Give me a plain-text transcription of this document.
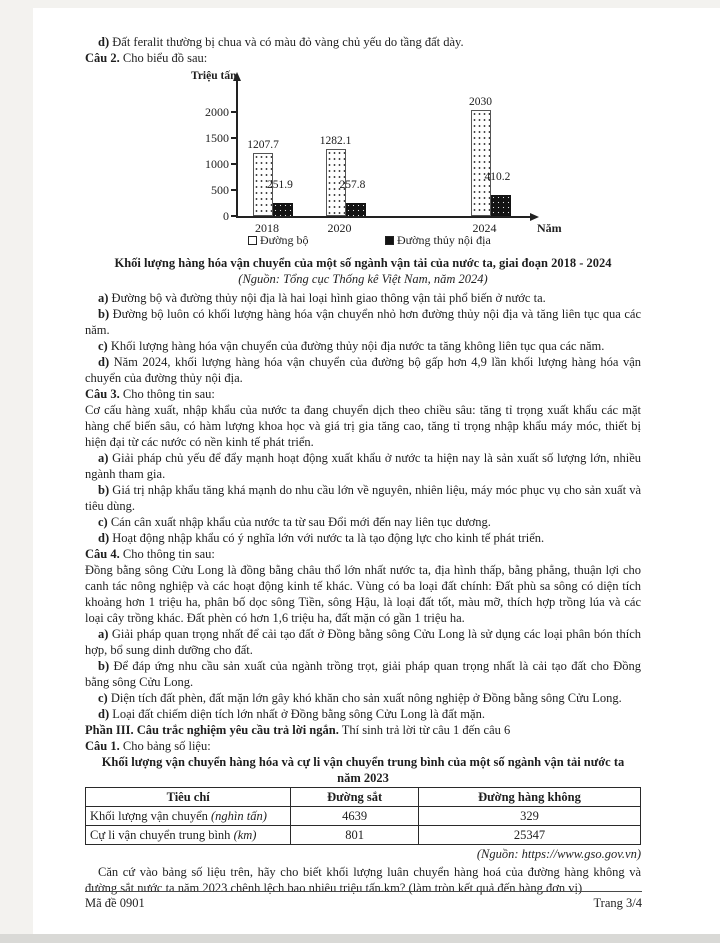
d) Đất feralit thường bị chua và có màu đỏ vàng chủ yếu do tầng đất dày.

Câu 2. Cho biểu đồ sau:

Triệu tấn
Năm
0
500
1000
1500
2000
1207.7
251.9
2018
1282.1
257.8
2020
2030
410.2
2024
Đường bộ	Đường thủy nội địa

Khối lượng hàng hóa vận chuyển của một số ngành vận tải của nước ta, giai đoạn 2018 - 2024

(Nguồn: Tổng cục Thống kê Việt Nam, năm 2024)

a) Đường bộ và đường thủy nội địa là hai loại hình giao thông vận tải phổ biến ở nước ta.

b) Đường bộ luôn có khối lượng hàng hóa vận chuyển nhỏ hơn đường thủy nội địa và tăng liên tục qua các năm.

c) Khối lượng hàng hóa vận chuyển của đường thủy nội địa nước ta tăng không liên tục qua các năm.

d) Năm 2024, khối lượng hàng hóa vận chuyển của đường bộ gấp hơn 4,9 lần khối lượng hàng hóa vận chuyển của đường thủy nội địa.

Câu 3. Cho thông tin sau:

Cơ cấu hàng xuất, nhập khẩu của nước ta đang chuyển dịch theo chiều sâu: tăng tỉ trọng xuất khẩu các mặt hàng chế biến sâu, có hàm lượng khoa học và giá trị gia tăng cao, tăng tỉ trọng nhập khẩu máy móc, thiết bị hiện đại từ các nước có nền kinh tế phát triển.

a) Giải pháp chủ yếu để đẩy mạnh hoạt động xuất khẩu ở nước ta hiện nay là sản xuất số lượng lớn, nhiều ngành tham gia.

b) Giá trị nhập khẩu tăng khá mạnh do nhu cầu lớn về nguyên, nhiên liệu, máy móc phục vụ cho sản xuất và tiêu dùng.

c) Cán cân xuất nhập khẩu của nước ta từ sau Đổi mới đến nay liên tục dương.

d) Hoạt động nhập khẩu có ý nghĩa lớn với nước ta là tạo động lực cho kinh tế phát triển.

Câu 4. Cho thông tin sau:

Đồng bằng sông Cửu Long là đồng bằng châu thổ lớn nhất nước ta, địa hình thấp, bằng phẳng, thuận lợi cho canh tác nông nghiệp và các hoạt động kinh tế khác. Vùng có ba loại đất chính: Đất phù sa sông có diện tích khoảng hơn 1 triệu ha, phân bố dọc sông Tiền, sông Hậu, là loại đất tốt, màu mỡ, thích hợp trồng lúa và các loại cây trồng khác. Đất phèn có hơn 1,6 triệu ha, đất mặn có gần 1 triệu ha.

a) Giải pháp quan trọng nhất để cải tạo đất ở Đồng bằng sông Cửu Long là sử dụng các loại phân bón thích hợp, bổ sung dinh dưỡng cho đất.

b) Để đáp ứng nhu cầu sản xuất của ngành trồng trọt, giải pháp quan trọng nhất là cải tạo đất cho Đồng bằng sông Cửu Long.

c) Diện tích đất phèn, đất mặn lớn gây khó khăn cho sản xuất nông nghiệp ở Đồng bằng sông Cửu Long.

d) Loại đất chiếm diện tích lớn nhất ở Đồng bằng sông Cửu Long là đất mặn.

Phần III. Câu trắc nghiệm yêu cầu trả lời ngắn. Thí sinh trả lời từ câu 1 đến câu 6

Câu 1. Cho bảng số liệu:

Khối lượng vận chuyển hàng hóa và cự li vận chuyển trung bình của một số ngành vận tải nước ta

năm 2023

Tiêu chí	Đường sắt	Đường hàng không
Khối lượng vận chuyển (nghìn tấn)	4639	329
Cự li vận chuyển trung bình (km)	801	25347

(Nguồn: https://www.gso.gov.vn)

Căn cứ vào bảng số liệu trên, hãy cho biết khối lượng luân chuyển hàng hoá của đường hàng không và đường sắt nước ta năm 2023 chênh lệch bao nhiêu triệu tấn.km? (làm tròn kết quả đến hàng đơn vị)

Mã đề 0901	Trang 3/4
